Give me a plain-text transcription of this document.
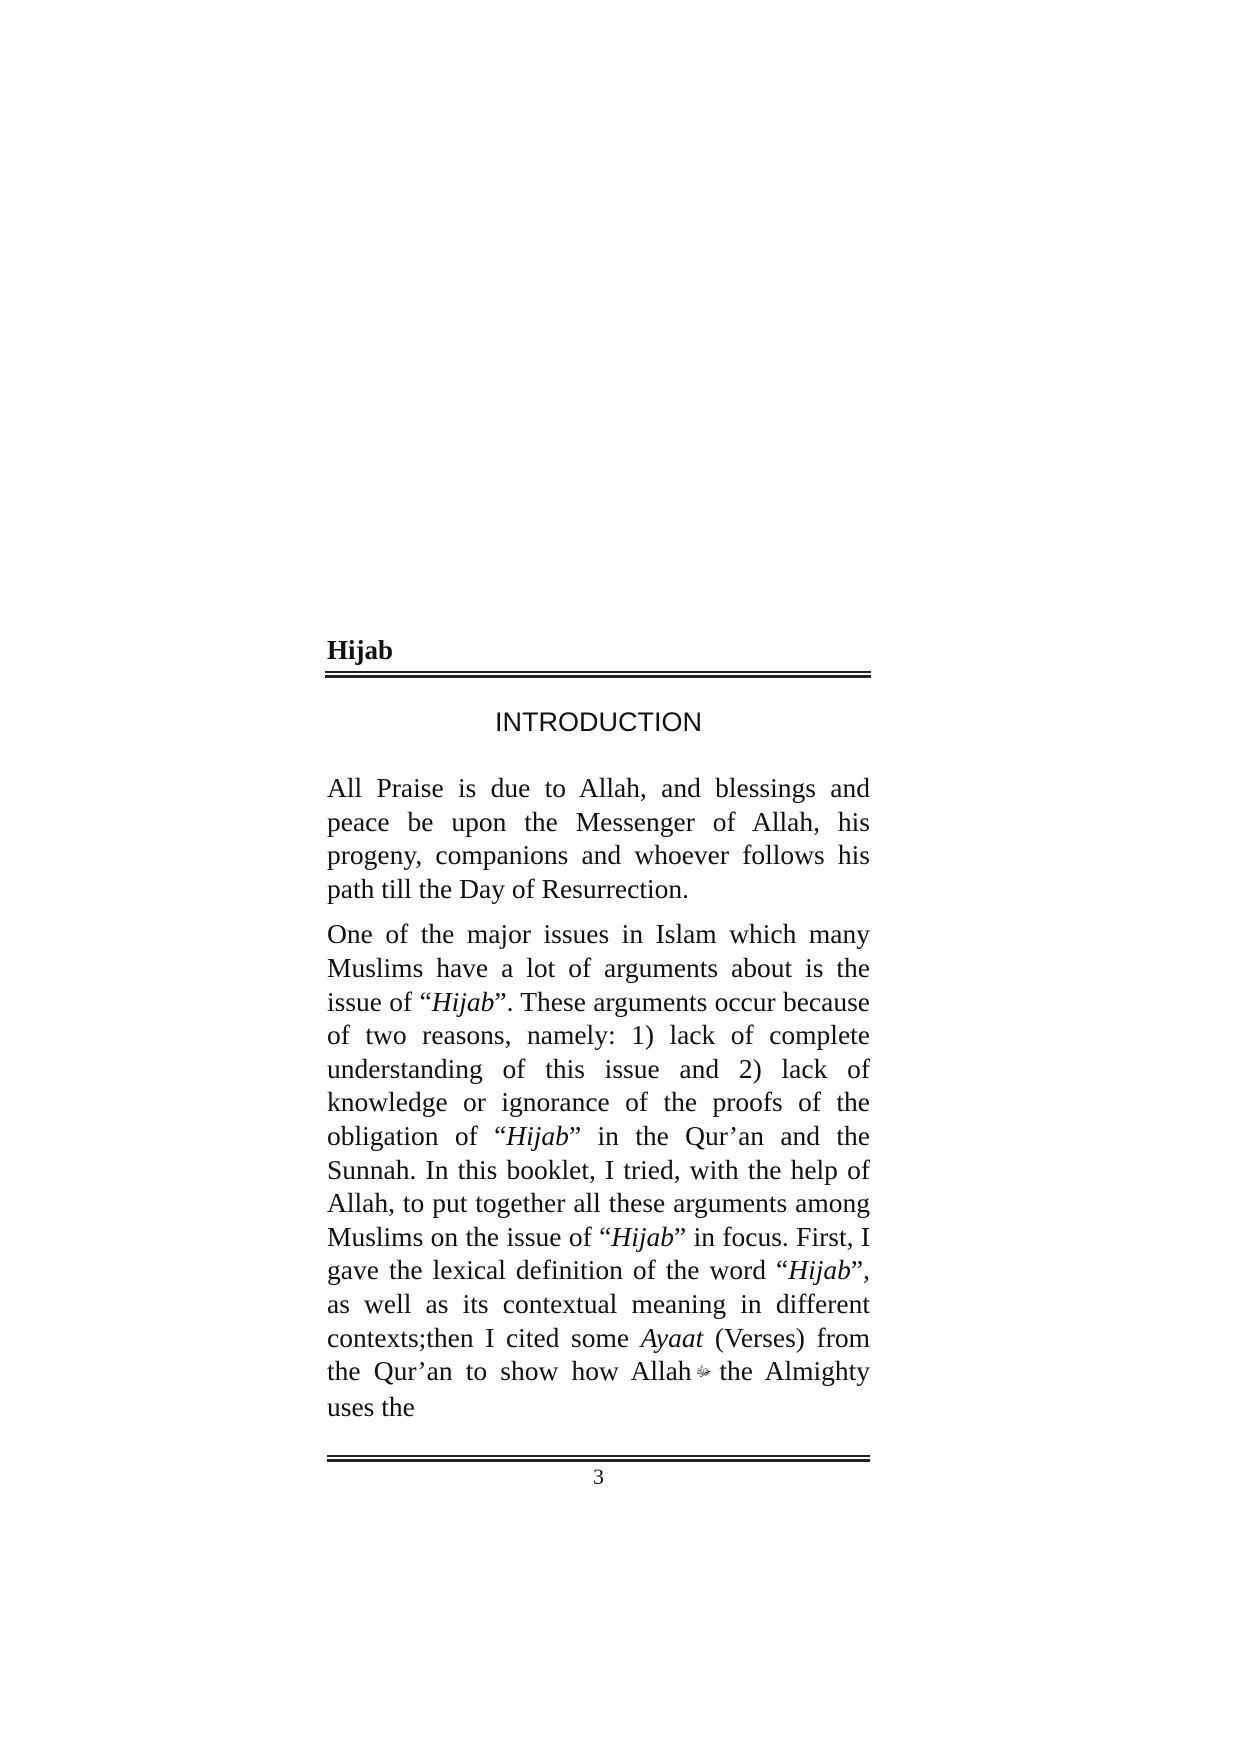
Hijab
INTRODUCTION

All Praise is due to Allah, and blessings and peace be upon the Messenger of Allah, his progeny, companions and whoever follows his path till the Day of Resurrection.

One of the major issues in Islam which many Muslims have a lot of arguments about is the issue of “Hijab”. These arguments occur because of two reasons, namely: 1) lack of complete understanding of this issue and 2) lack of knowledge or ignorance of the proofs of the obligation of “Hijab” in the Qur’an and the Sunnah. In this booklet, I tried, with the help of Allah, to put together all these arguments among Muslims on the issue of “Hijab” in focus. First, I gave the lexical definition of the word “Hijab”, as well as its contextual meaning in different contexts;then I cited some Ayaat (Verses) from the Qur’an to show how Allah ﷻ the Almighty uses the

3
